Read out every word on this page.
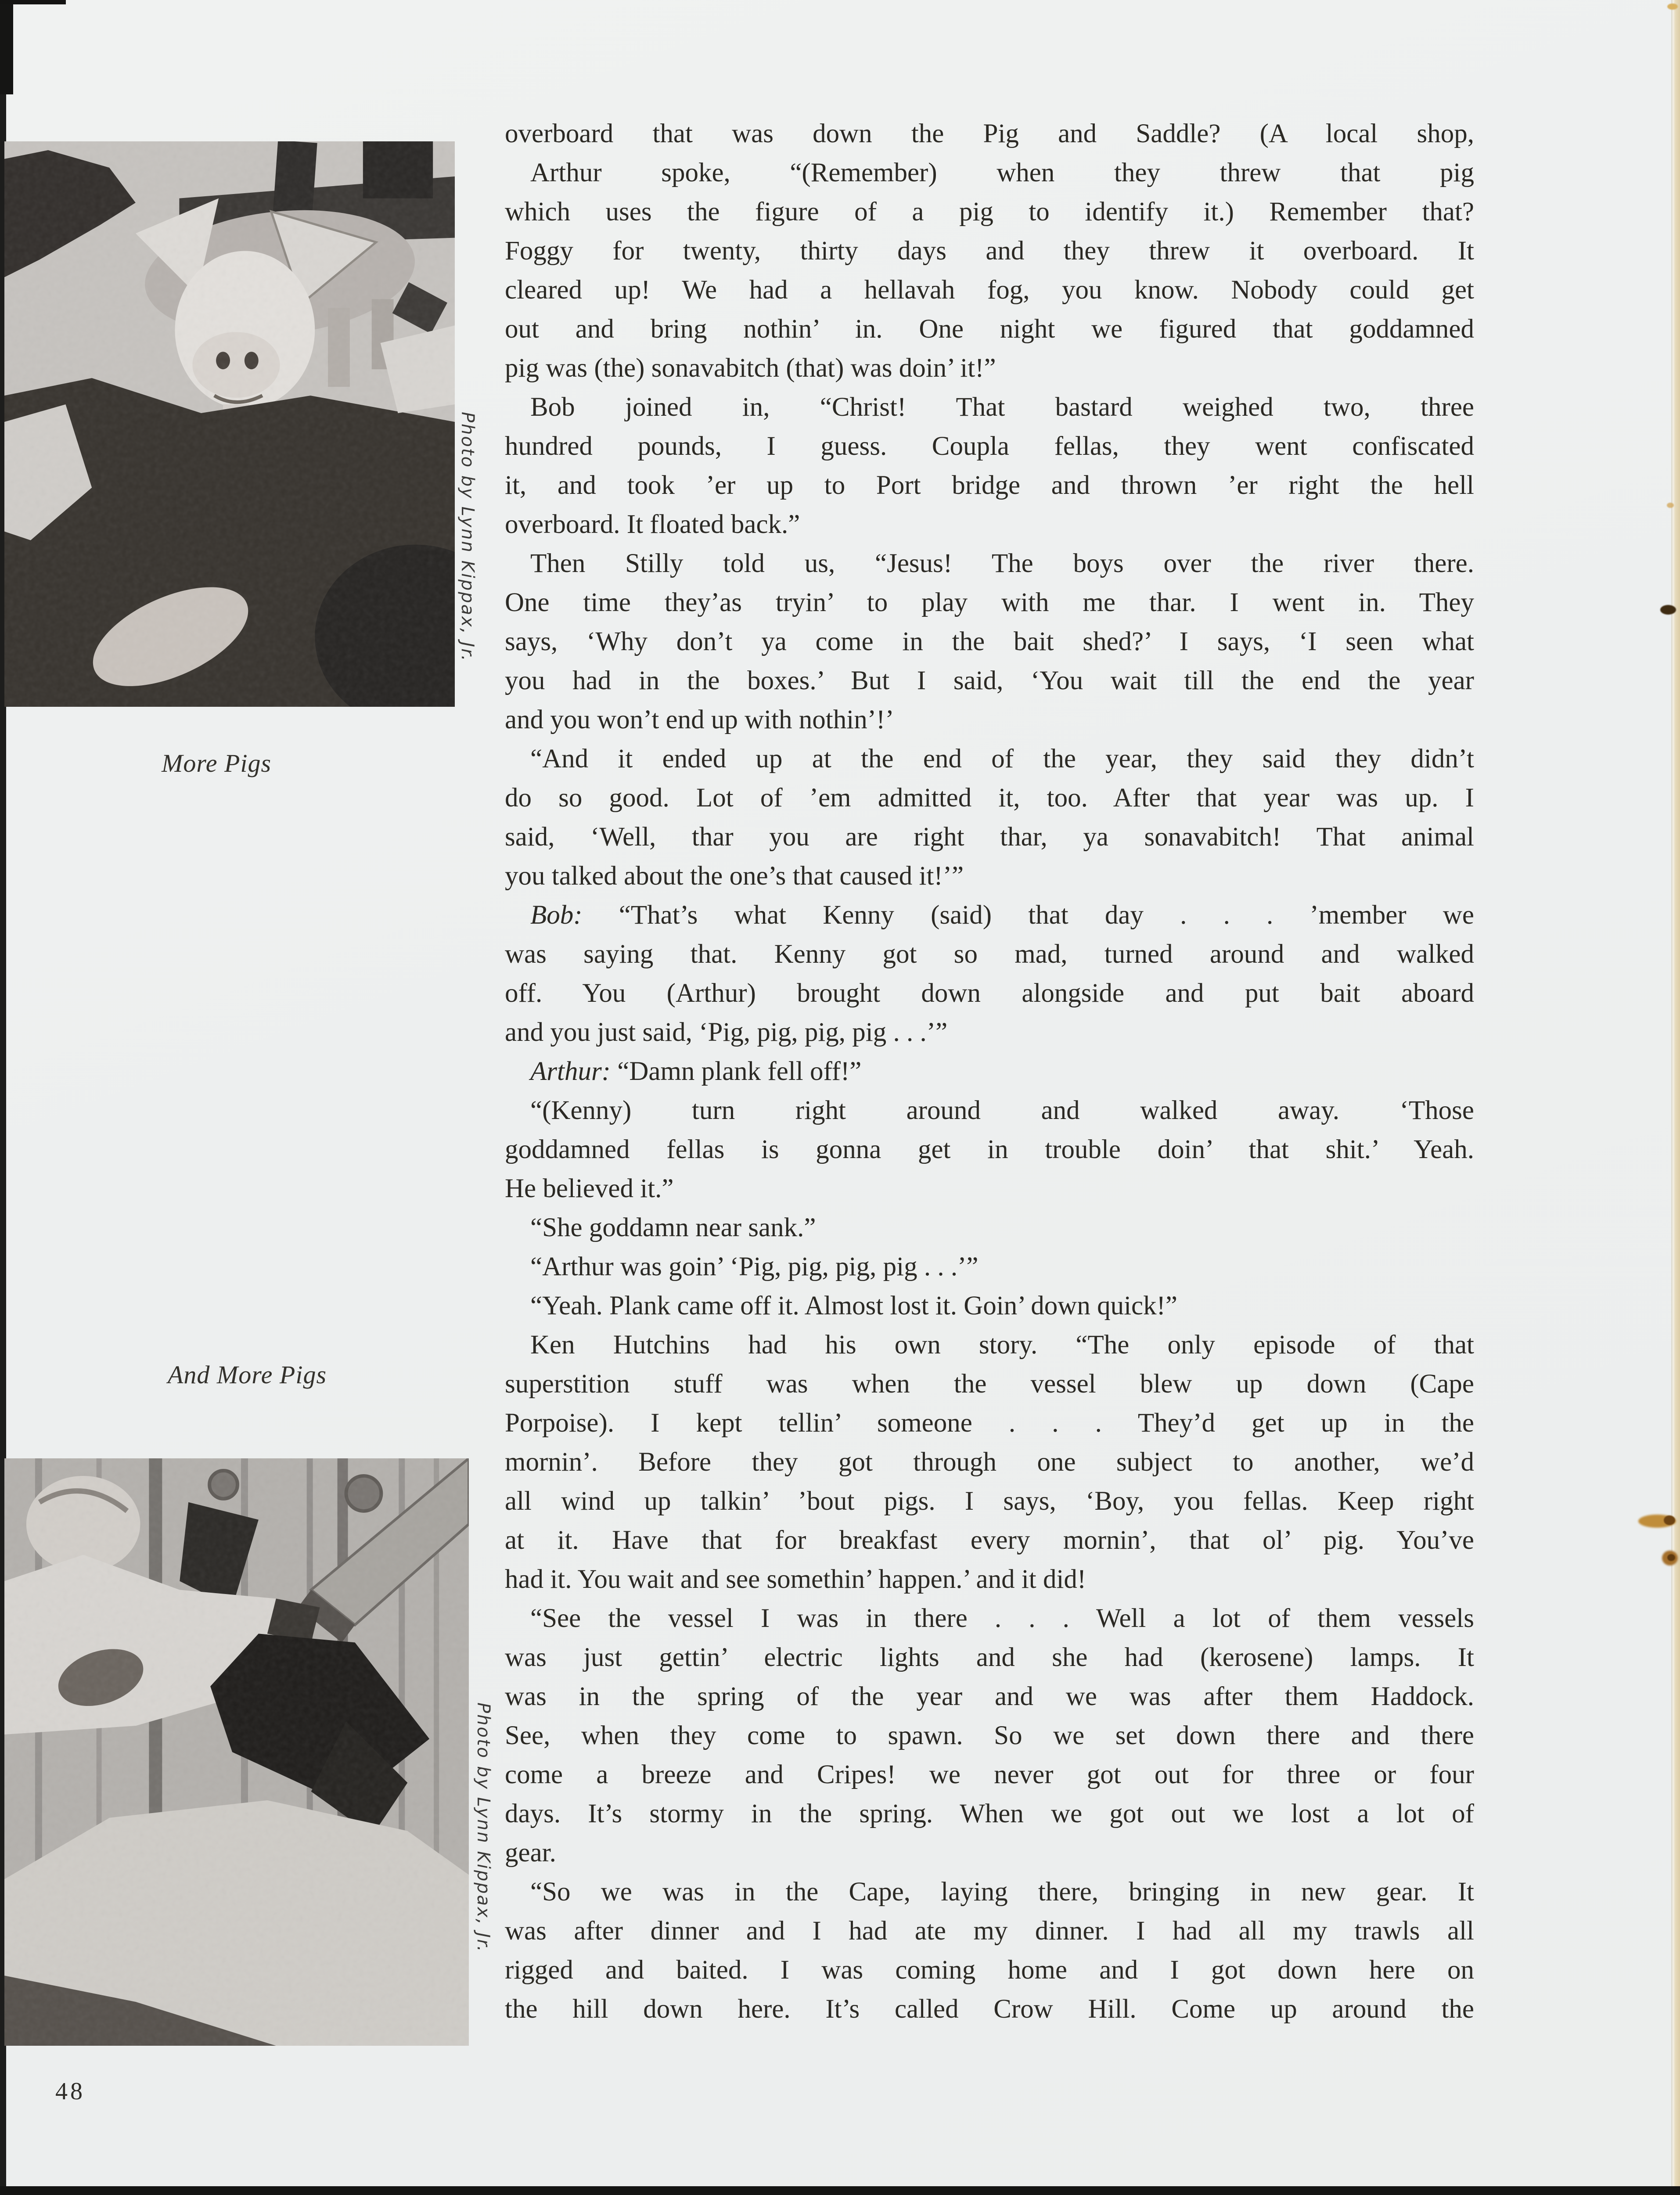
Photo by Lynn Kippax, Jr.
More Pigs
And More Pigs
Photo by Lynn Kippax, Jr.
overboard that was down the Pig and Saddle? (A local shop,
Arthur spoke, “(Remember) when they threw that pig
which uses the figure of a pig to identify it.) Remember that?
Foggy for twenty, thirty days and they threw it overboard. It
cleared up! We had a hellavah fog, you know. Nobody could get
out and bring nothin’ in. One night we figured that goddamned
pig was (the) sonavabitch (that) was doin’ it!”
Bob joined in, “Christ! That bastard weighed two, three
hundred pounds, I guess. Coupla fellas, they went confiscated
it, and took ’er up to Port bridge and thrown ’er right the hell
overboard. It floated back.”
Then Stilly told us, “Jesus! The boys over the river there.
One time they’as tryin’ to play with me thar. I went in. They
says, ‘Why don’t ya come in the bait shed?’ I says, ‘I seen what
you had in the boxes.’ But I said, ‘You wait till the end the year
and you won’t end up with nothin’!’
“And it ended up at the end of the year, they said they didn’t
do so good. Lot of ’em admitted it, too. After that year was up. I
said, ‘Well, thar you are right thar, ya sonavabitch! That animal
you talked about the one’s that caused it!’”
Bob: “That’s what Kenny (said) that day . . . ’member we
was saying that. Kenny got so mad, turned around and walked
off. You (Arthur) brought down alongside and put bait aboard
and you just said, ‘Pig, pig, pig, pig . . .’”
Arthur: “Damn plank fell off!”
“(Kenny) turn right around and walked away. ‘Those
goddamned fellas is gonna get in trouble doin’ that shit.’ Yeah.
He believed it.”
“She goddamn near sank.”
“Arthur was goin’ ‘Pig, pig, pig, pig . . .’”
“Yeah. Plank came off it. Almost lost it. Goin’ down quick!”
Ken Hutchins had his own story. “The only episode of that
superstition stuff was when the vessel blew up down (Cape
Porpoise). I kept tellin’ someone . . . They’d get up in the
mornin’. Before they got through one subject to another, we’d
all wind up talkin’ ’bout pigs. I says, ‘Boy, you fellas. Keep right
at it. Have that for breakfast every mornin’, that ol’ pig. You’ve
had it. You wait and see somethin’ happen.’ and it did!
“See the vessel I was in there . . . Well a lot of them vessels
was just gettin’ electric lights and she had (kerosene) lamps. It
was in the spring of the year and we was after them Haddock.
See, when they come to spawn. So we set down there and there
come a breeze and Cripes! we never got out for three or four
days. It’s stormy in the spring. When we got out we lost a lot of
gear.
“So we was in the Cape, laying there, bringing in new gear. It
was after dinner and I had ate my dinner. I had all my trawls all
rigged and baited. I was coming home and I got down here on
the hill down here. It’s called Crow Hill. Come up around the
48
